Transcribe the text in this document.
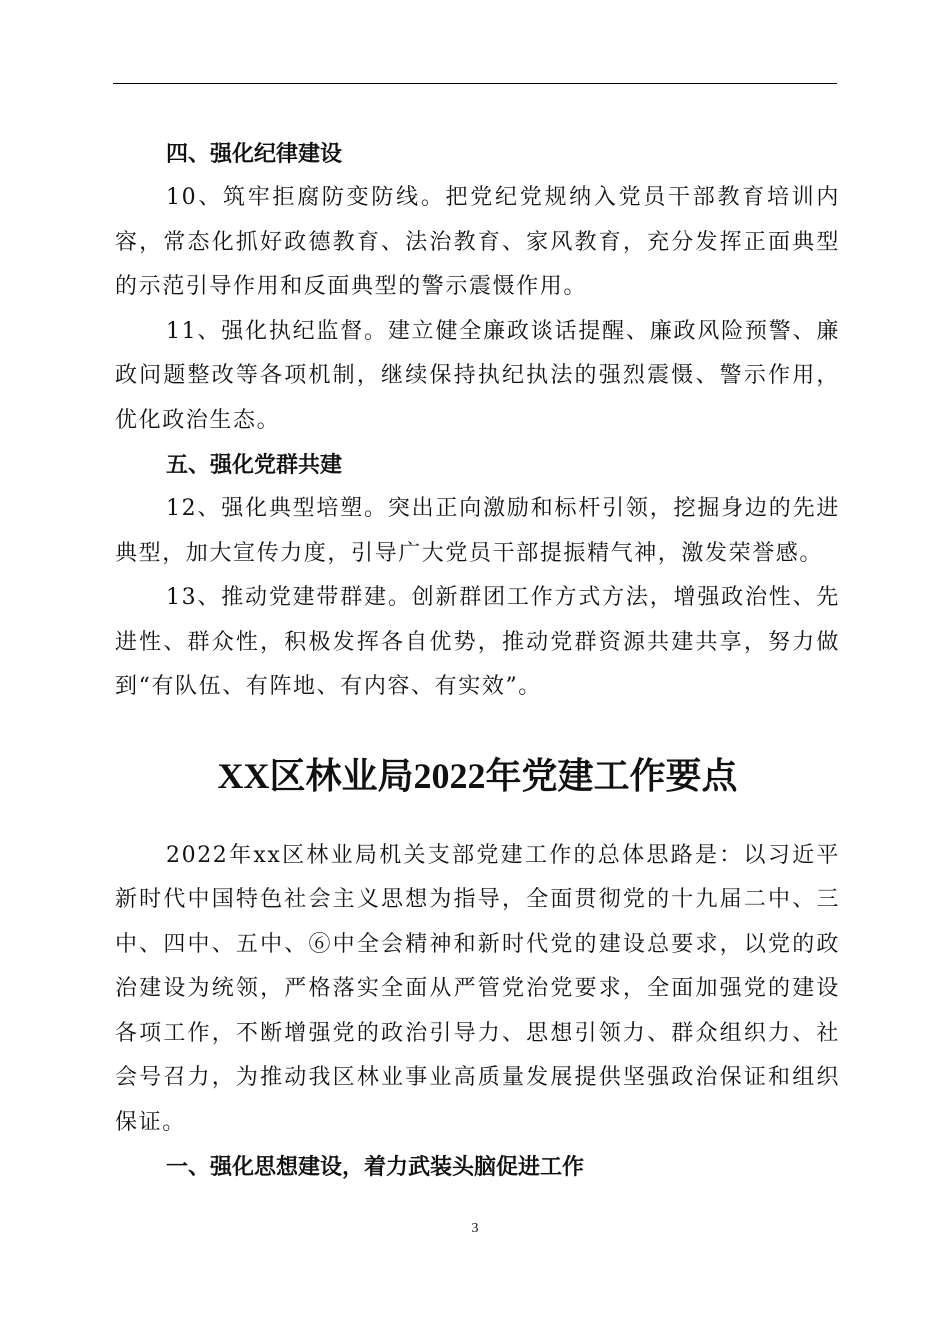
四、强化纪律建设

10、筑牢拒腐防变防线。把党纪党规纳入党员干部教育培训内容，常态化抓好政德教育、法治教育、家风教育，充分发挥正面典型的示范引导作用和反面典型的警示震慑作用。

11、强化执纪监督。建立健全廉政谈话提醒、廉政风险预警、廉政问题整改等各项机制，继续保持执纪执法的强烈震慑、警示作用，优化政治生态。

五、强化党群共建

12、强化典型培塑。突出正向激励和标杆引领，挖掘身边的先进典型，加大宣传力度，引导广大党员干部提振精气神，激发荣誉感。

13、推动党建带群建。创新群团工作方式方法，增强政治性、先进性、群众性，积极发挥各自优势，推动党群资源共建共享，努力做到“有队伍、有阵地、有内容、有实效”。

XX区林业局2022年党建工作要点

2022年xx区林业局机关支部党建工作的总体思路是：以习近平新时代中国特色社会主义思想为指导，全面贯彻党的十九届二中、三中、四中、五中、⑥中全会精神和新时代党的建设总要求，以党的政治建设为统领，严格落实全面从严管党治党要求，全面加强党的建设各项工作，不断增强党的政治引导力、思想引领力、群众组织力、社会号召力，为推动我区林业事业高质量发展提供坚强政治保证和组织保证。

一、强化思想建设，着力武装头脑促进工作

3
